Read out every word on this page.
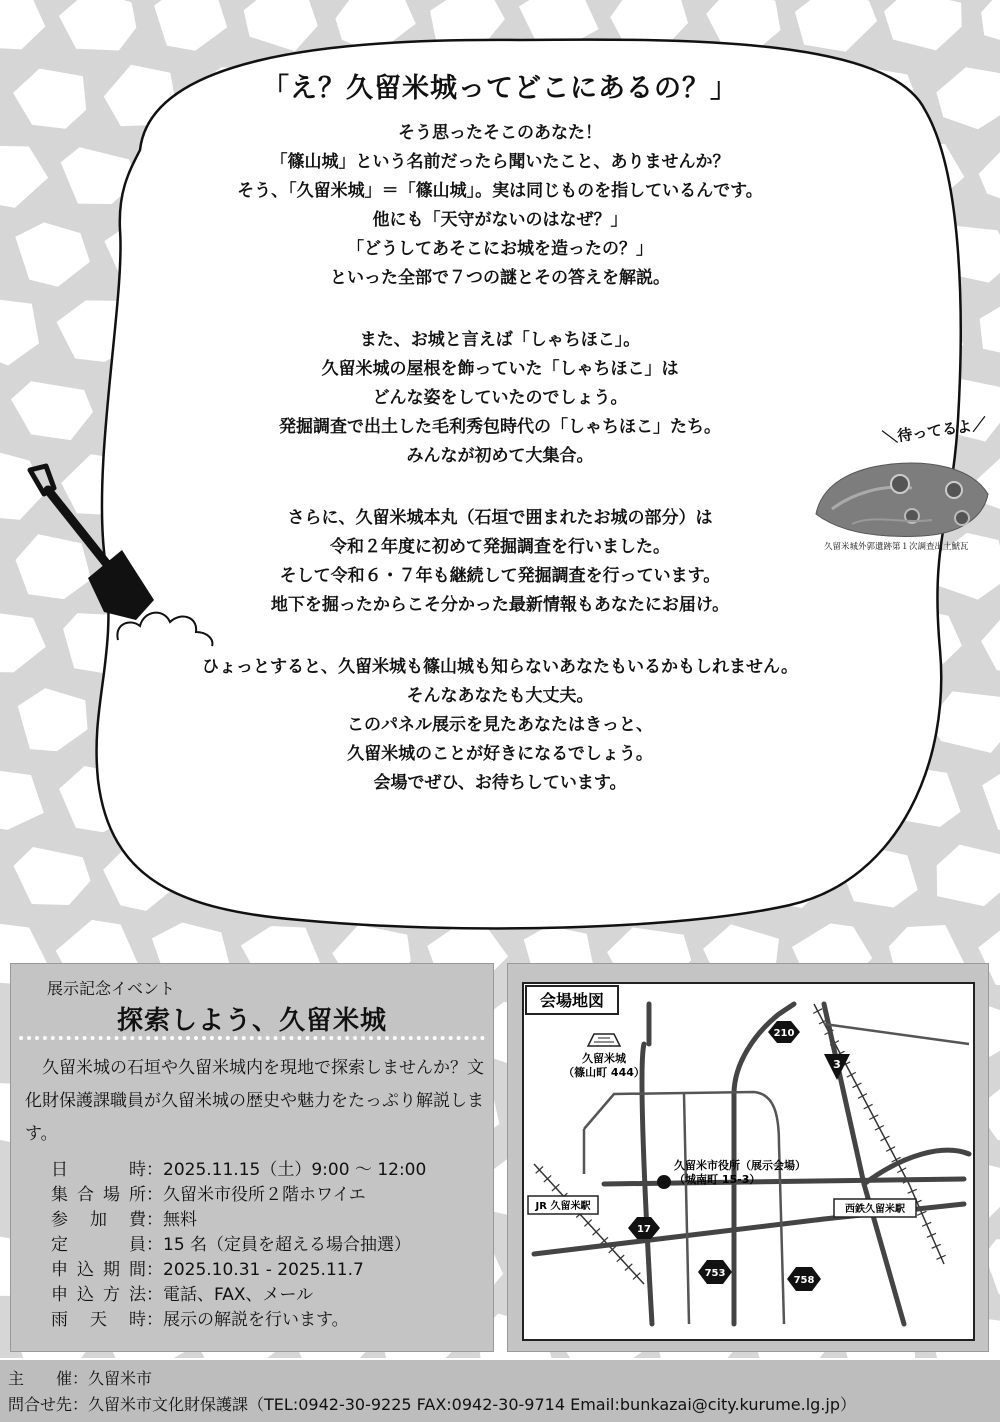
「え？久留米城ってどこにあるの？」
そう思ったそこのあなた！
「篠山城」という名前だったら聞いたこと、ありませんか？
そう、「久留米城」＝「篠山城」。実は同じものを指しているんです。
他にも「天守がないのはなぜ？」
「どうしてあそこにお城を造ったの？」
といった全部で７つの謎とその答えを解説。
また、お城と言えば「しゃちほこ」。
久留米城の屋根を飾っていた「しゃちほこ」は
どんな姿をしていたのでしょう。
発掘調査で出土した毛利秀包時代の「しゃちほこ」たち。
みんなが初めて大集合。
さらに、久留米城本丸（石垣で囲まれたお城の部分）は
令和２年度に初めて発掘調査を行いました。
そして令和６・７年も継続して発掘調査を行っています。
地下を掘ったからこそ分かった最新情報もあなたにお届け。
ひょっとすると、久留米城も篠山城も知らないあなたもいるかもしれません。
そんなあなたも大丈夫。
このパネル展示を見たあなたはきっと、
久留米城のことが好きになるでしょう。
会場でぜひ、お待ちしています。
＼待ってるよ／
久留米城外郭遺跡第１次調査出土鯱瓦
展示記念イベント
探索しよう、久留米城
久留米城の石垣や久留米城内を現地で探索しませんか？文化財保護課職員が久留米城の歴史や魅力をたっぷり解説します。
日時 ： 2025.11.15（土）9:00 ～ 12:00
集合場所 ： 久留米市役所２階ホワイエ
参加費 ： 無料
定員 ： 15 名（定員を超える場合抽選）
申込期間 ： 2025.10.31 - 2025.11.7
申込方法 ： 電話、FAX、メール
雨天時 ： 展示の解説を行います。
会場地図
久留米城
（篠山町 444）
久留米市役所（展示会場）
（城南町 15-3）
JR 久留米駅	西鉄久留米駅
210
3
17
753
758
主　　催：久留米市
問合せ先：久留米市文化財保護課（TEL:0942-30-9225 FAX:0942-30-9714 Email:bunkazai@city.kurume.lg.jp）
